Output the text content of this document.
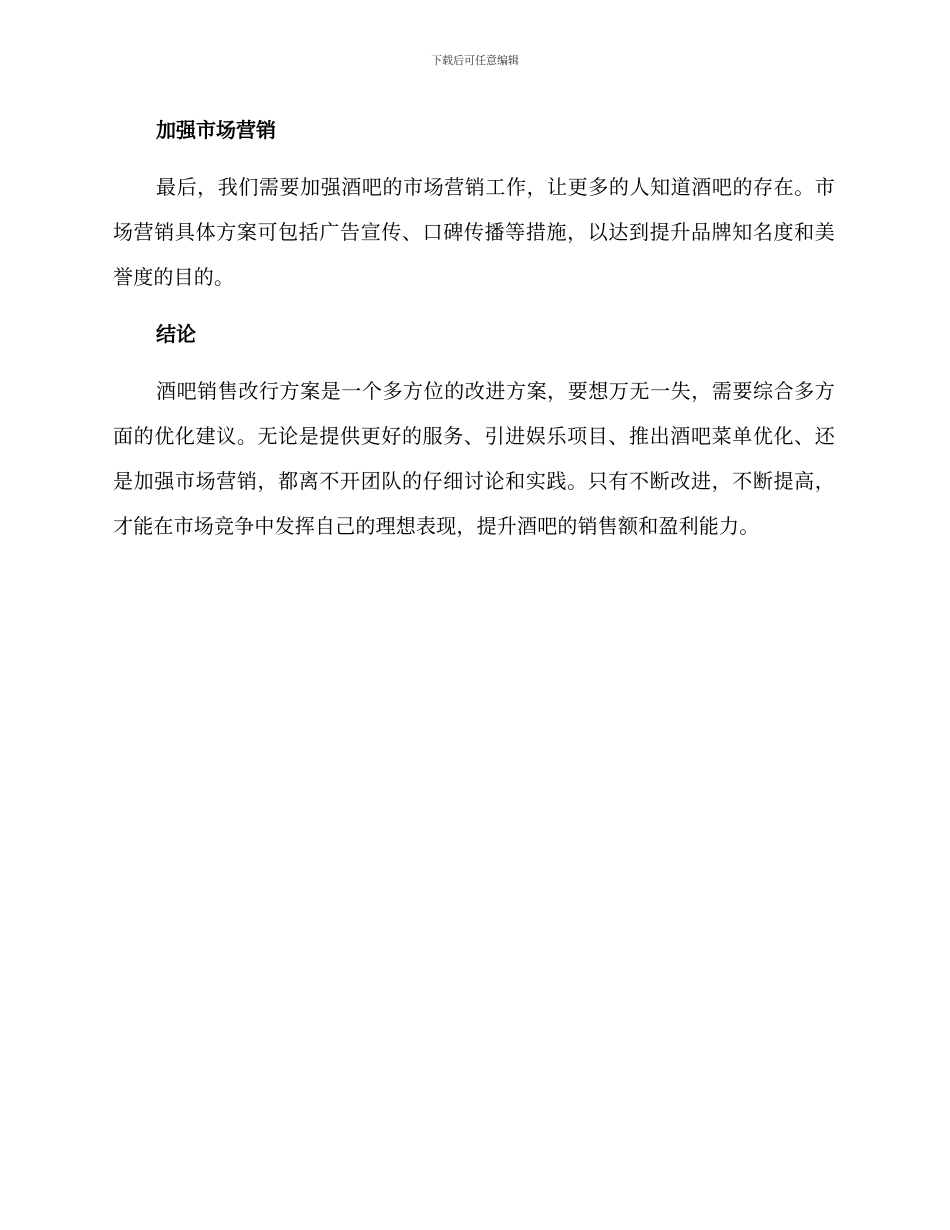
下载后可任意编辑
加强市场营销

最后，我们需要加强酒吧的市场营销工作，让更多的人知道酒吧的存在。市场营销具体方案可包括广告宣传、口碑传播等措施，以达到提升品牌知名度和美誉度的目的。

结论

酒吧销售改行方案是一个多方位的改进方案，要想万无一失，需要综合多方面的优化建议。无论是提供更好的服务、引进娱乐项目、推出酒吧菜单优化、还是加强市场营销，都离不开团队的仔细讨论和实践。只有不断改进，不断提高，才能在市场竞争中发挥自己的理想表现，提升酒吧的销售额和盈利能力。
